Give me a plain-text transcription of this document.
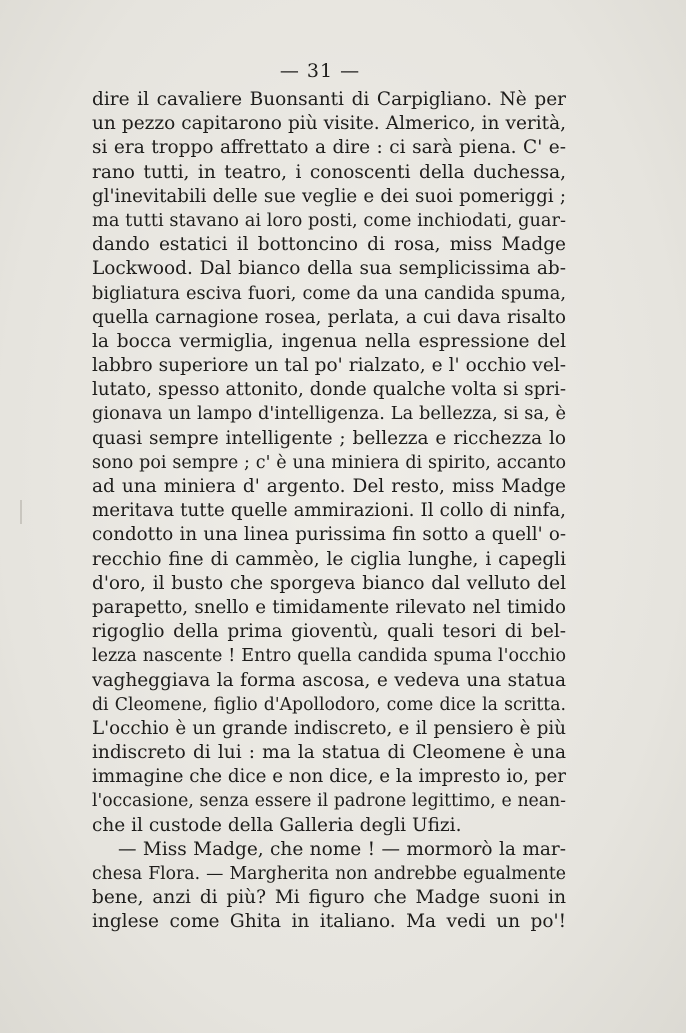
— 31 —
dire il cavaliere Buonsanti di Carpigliano. Nè per
un pezzo capitarono più visite. Almerico, in verità,
si era troppo affrettato a dire : ci sarà piena. C' e-
rano tutti, in teatro, i conoscenti della duchessa,
gl'inevitabili delle sue veglie e dei suoi pomeriggi ;
ma tutti stavano ai loro posti, come inchiodati, guar-
dando estatici il bottoncino di rosa, miss Madge
Lockwood. Dal bianco della sua semplicissima ab-
bigliatura esciva fuori, come da una candida spuma,
quella carnagione rosea, perlata, a cui dava risalto
la bocca vermiglia, ingenua nella espressione del
labbro superiore un tal po' rialzato, e l' occhio vel-
lutato, spesso attonito, donde qualche volta si spri-
gionava un lampo d'intelligenza. La bellezza, si sa, è
quasi sempre intelligente ; bellezza e ricchezza lo
sono poi sempre ; c' è una miniera di spirito, accanto
ad una miniera d' argento. Del resto, miss Madge
meritava tutte quelle ammirazioni. Il collo di ninfa,
condotto in una linea purissima fin sotto a quell' o-
recchio fine di cammèo, le ciglia lunghe, i capegli
d'oro, il busto che sporgeva bianco dal velluto del
parapetto, snello e timidamente rilevato nel timido
rigoglio della prima gioventù, quali tesori di bel-
lezza nascente ! Entro quella candida spuma l'occhio
vagheggiava la forma ascosa, e vedeva una statua
di Cleomene, figlio d'Apollodoro, come dice la scritta.
L'occhio è un grande indiscreto, e il pensiero è più
indiscreto di lui : ma la statua di Cleomene è una
immagine che dice e non dice, e la impresto io, per
l'occasione, senza essere il padrone legittimo, e nean-
che il custode della Galleria degli Ufizi.
— Miss Madge, che nome ! — mormorò la mar-
chesa Flora. — Margherita non andrebbe egualmente
bene, anzi di più? Mi figuro che Madge suoni in
inglese come Ghita in italiano. Ma vedi un po'!
